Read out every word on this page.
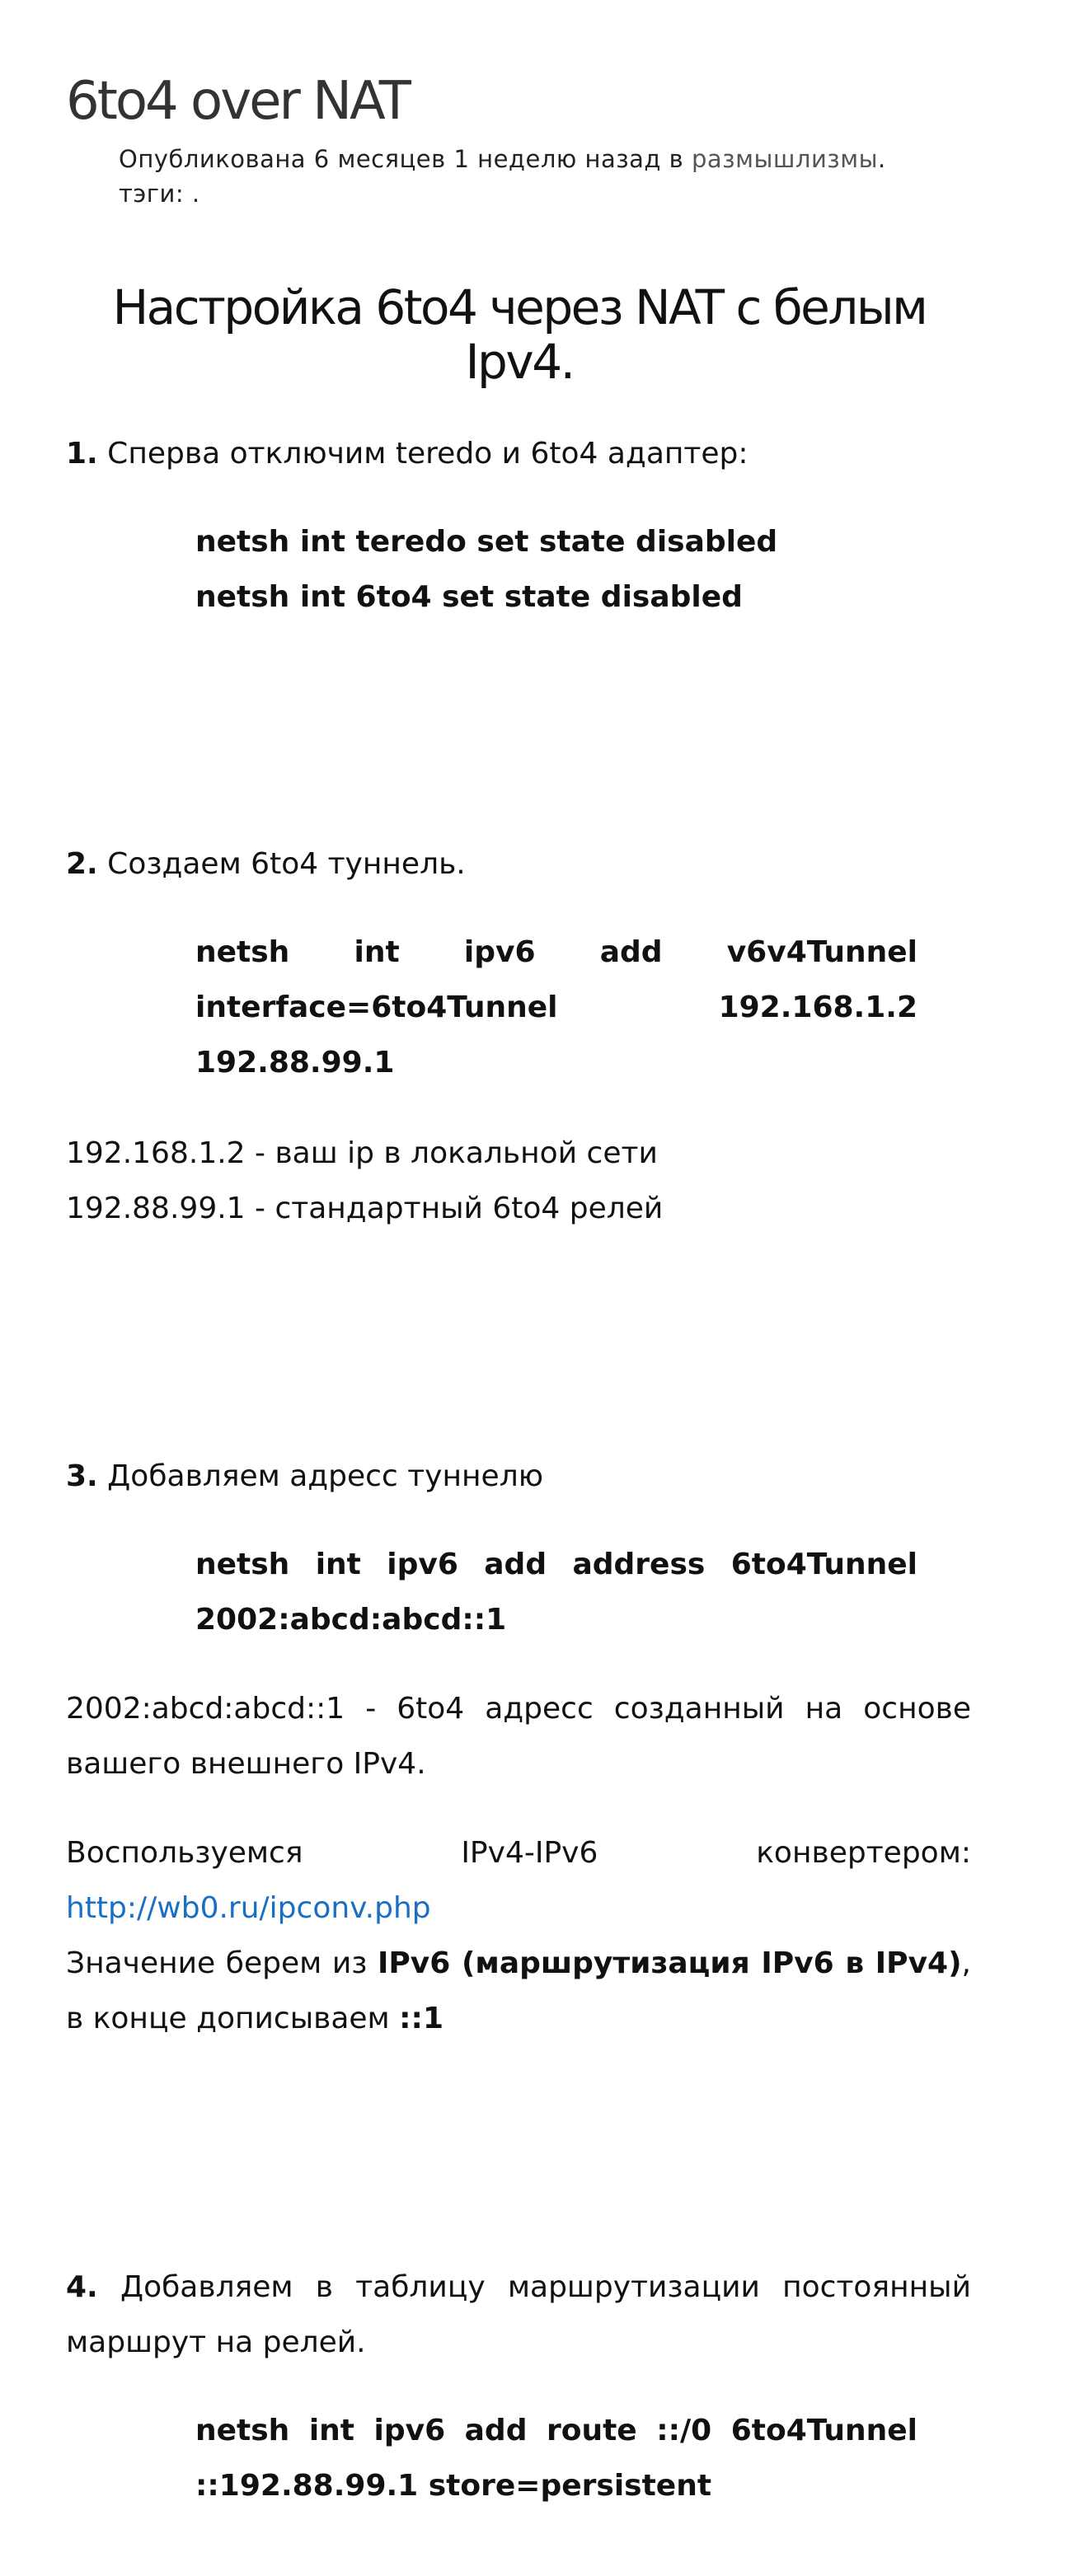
6to4 over NAT
Опубликована 6 месяцев 1 неделю назад в размышлизмы.
тэги: .
Настройка 6to4 через NAT с белым Ipv4.

1. Сперва отключим teredo и 6to4 адаптер:

netsh int teredo set state disabled

netsh int 6to4 set state disabled

2. Создаем 6to4 туннель.

netsh int ipv6 add v6v4Tunnel interface=6to4Tunnel 192.168.1.2 192.88.99.1

192.168.1.2 - ваш ip в локальной сети

192.88.99.1 - стандартный 6to4 релей

3. Добавляем адресс туннелю

netsh int ipv6 add address 6to4Tunnel 2002:abcd:abcd::1

2002:abcd:abcd::1 - 6to4 адресс созданный на основе вашего внешнего IPv4.

Воспользуемся IPv4-IPv6 конвертером:

http://wb0.ru/ipconv.php

Значение берем из IPv6 (маршрутизация IPv6 в IPv4), в конце дописываем ::1

4. Добавляем в таблицу маршрутизации постоянный маршрут на релей.

netsh int ipv6 add route ::/0 6to4Tunnel ::192.88.99.1 store=persistent
